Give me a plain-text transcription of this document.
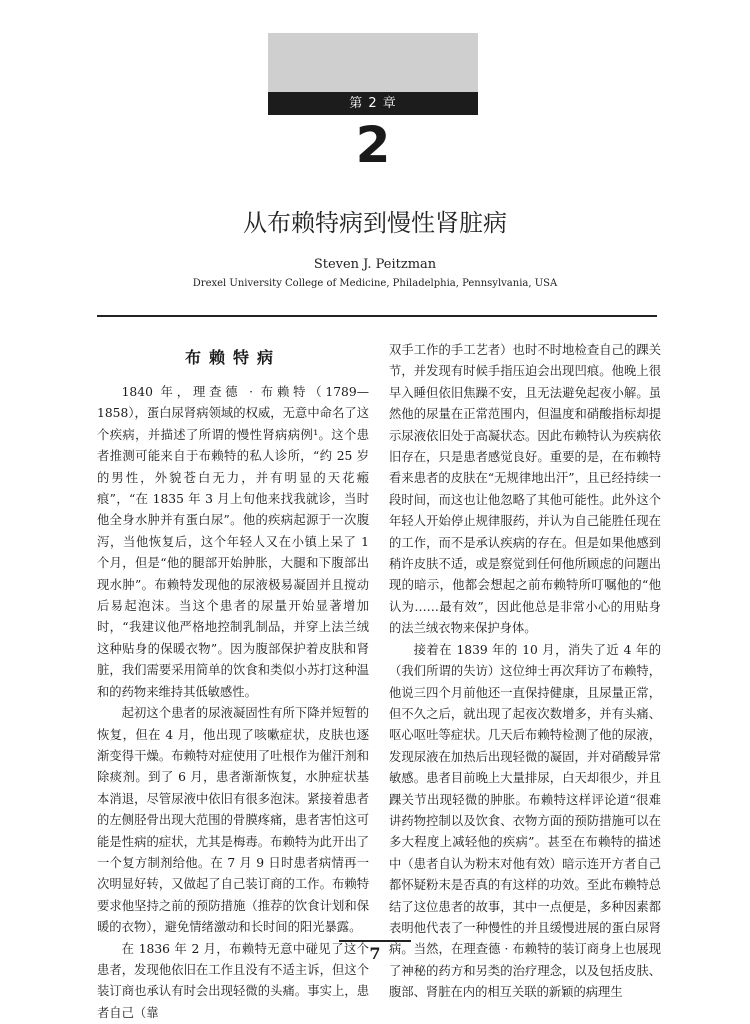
第 2 章
2
从布赖特病到慢性肾脏病
Steven J. Peitzman
Drexel University College of Medicine, Philadelphia, Pennsylvania, USA
布赖特病

1840 年，理查德 · 布赖特（1789—1858），蛋白尿肾病领域的权威，无意中命名了这个疾病，并描述了所谓的慢性肾病病例¹。这个患者推测可能来自于布赖特的私人诊所，“约 25 岁的男性，外貌苍白无力，并有明显的天花瘢痕”，“在 1835 年 3 月上旬他来找我就诊，当时他全身水肿并有蛋白尿”。他的疾病起源于一次腹泻，当他恢复后，这个年轻人又在小镇上呆了 1 个月，但是“他的腿部开始肿胀，大腿和下腹部出现水肿”。布赖特发现他的尿液极易凝固并且搅动后易起泡沫。当这个患者的尿量开始显著增加时，“我建议他严格地控制乳制品，并穿上法兰绒这种贴身的保暖衣物”。因为腹部保护着皮肤和肾脏，我们需要采用简单的饮食和类似小苏打这种温和的药物来维持其低敏感性。

起初这个患者的尿液凝固性有所下降并短暂的恢复，但在 4 月，他出现了咳嗽症状，皮肤也逐渐变得干燥。布赖特对症使用了吐根作为催汗剂和除痰剂。到了 6 月，患者渐渐恢复，水肿症状基本消退，尽管尿液中依旧有很多泡沫。紧接着患者的左侧胫骨出现大范围的骨膜疼痛，患者害怕这可能是性病的症状，尤其是梅毒。布赖特为此开出了一个复方制剂给他。在 7 月 9 日时患者病情再一次明显好转，又做起了自己装订商的工作。布赖特要求他坚持之前的预防措施（推荐的饮食计划和保暖的衣物），避免情绪激动和长时间的阳光暴露。

在 1836 年 2 月，布赖特无意中碰见了这个患者，发现他依旧在工作且没有不适主诉，但这个装订商也承认有时会出现轻微的头痛。事实上，患者自己（靠

双手工作的手工艺者）也时不时地检查自己的踝关节，并发现有时候手指压迫会出现凹痕。他晚上很早入睡但依旧焦躁不安，且无法避免起夜小解。虽然他的尿量在正常范围内，但温度和硝酸指标却提示尿液依旧处于高凝状态。因此布赖特认为疾病依旧存在，只是患者感觉良好。重要的是，在布赖特看来患者的皮肤在“无规律地出汗”，且已经持续一段时间，而这也让他忽略了其他可能性。此外这个年轻人开始停止规律服药，并认为自己能胜任现在的工作，而不是承认疾病的存在。但是如果他感到稍许皮肤不适，或是察觉到任何他所顾虑的问题出现的暗示，他都会想起之前布赖特所叮嘱他的“他认为……最有效”，因此他总是非常小心的用贴身的法兰绒衣物来保护身体。

接着在 1839 年的 10 月，消失了近 4 年的（我们所谓的失访）这位绅士再次拜访了布赖特，他说三四个月前他还一直保持健康，且尿量正常，但不久之后，就出现了起夜次数增多，并有头痛、呕心呕吐等症状。几天后布赖特检测了他的尿液，发现尿液在加热后出现轻微的凝固，并对硝酸异常敏感。患者目前晚上大量排尿，白天却很少，并且踝关节出现轻微的肿胀。布赖特这样评论道“很难讲药物控制以及饮食、衣物方面的预防措施可以在多大程度上减轻他的疾病”。甚至在布赖特的描述中（患者自认为粉末对他有效）暗示连开方者自己都怀疑粉末是否真的有这样的功效。至此布赖特总结了这位患者的故事，其中一点便是，多种因素都表明他代表了一种慢性的并且缓慢进展的蛋白尿肾病。当然，在理查德 · 布赖特的装订商身上也展现了神秘的药方和另类的治疗理念，以及包括皮肤、腹部、肾脏在内的相互关联的新颖的病理生

7
